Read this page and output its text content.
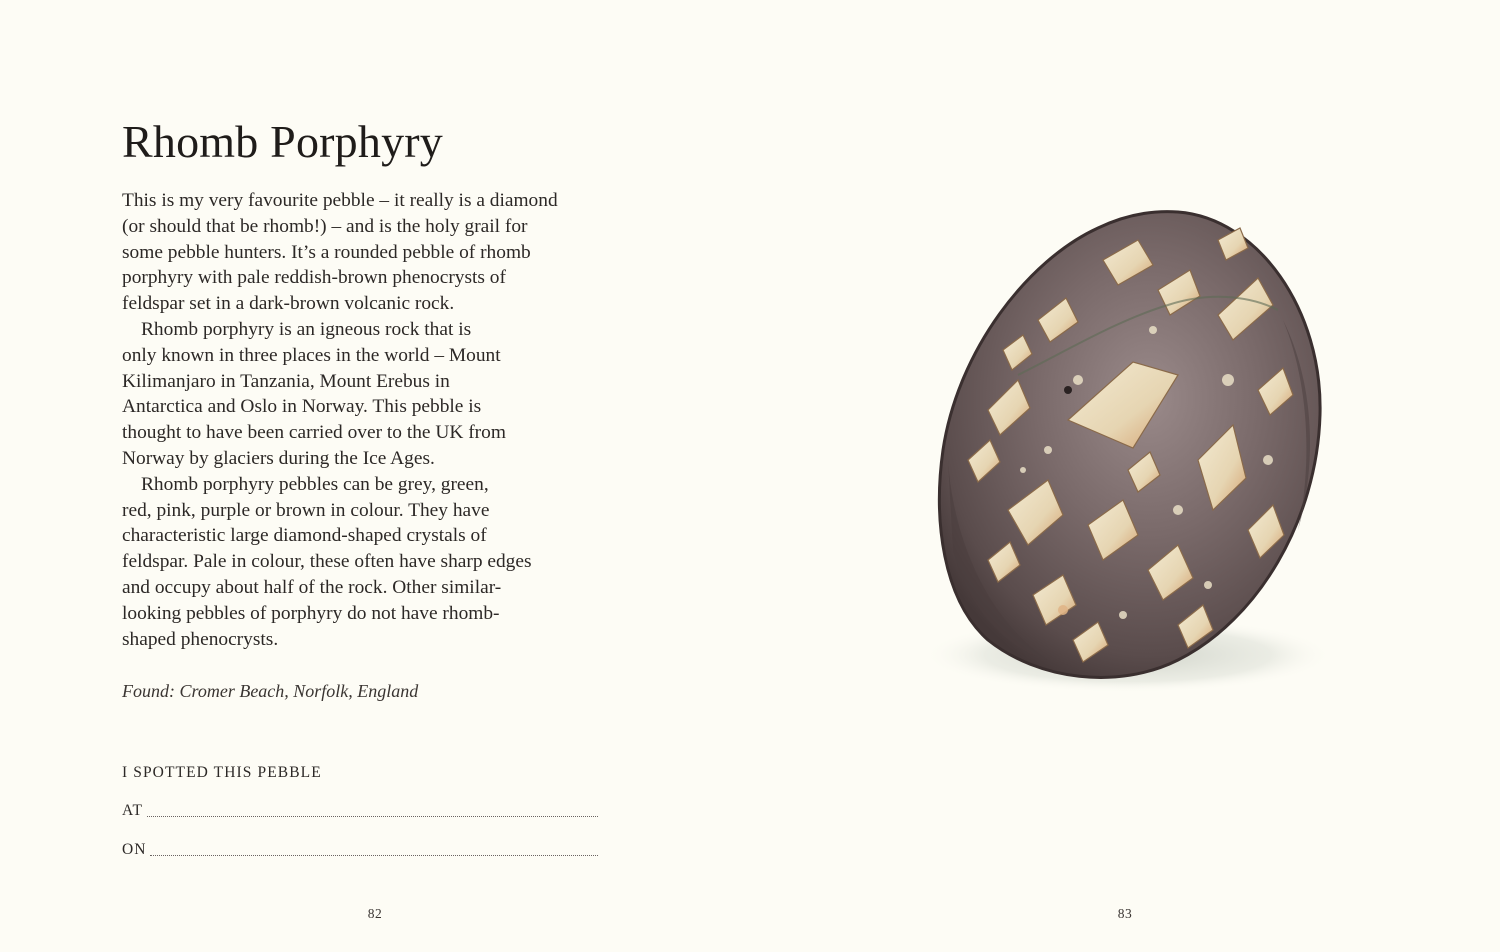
Rhomb Porphyry
This is my very favourite pebble – it really is a diamond
(or should that be rhomb!) – and is the holy grail for
some pebble hunters. It’s a rounded pebble of rhomb
porphyry with pale reddish-brown phenocrysts of
feldspar set in a dark-brown volcanic rock.
Rhomb porphyry is an igneous rock that is
only known in three places in the world – Mount
Kilimanjaro in Tanzania, Mount Erebus in
Antarctica and Oslo in Norway. This pebble is
thought to have been carried over to the UK from
Norway by glaciers during the Ice Ages.
Rhomb porphyry pebbles can be grey, green,
red, pink, purple or brown in colour. They have
characteristic large diamond-shaped crystals of
feldspar. Pale in colour, these often have sharp edges
and occupy about half of the rock. Other similar-
looking pebbles of porphyry do not have rhomb-
shaped phenocrysts.
Found: Cromer Beach, Norfolk, England
I SPOTTED THIS PEBBLE
AT
ON
82	83
